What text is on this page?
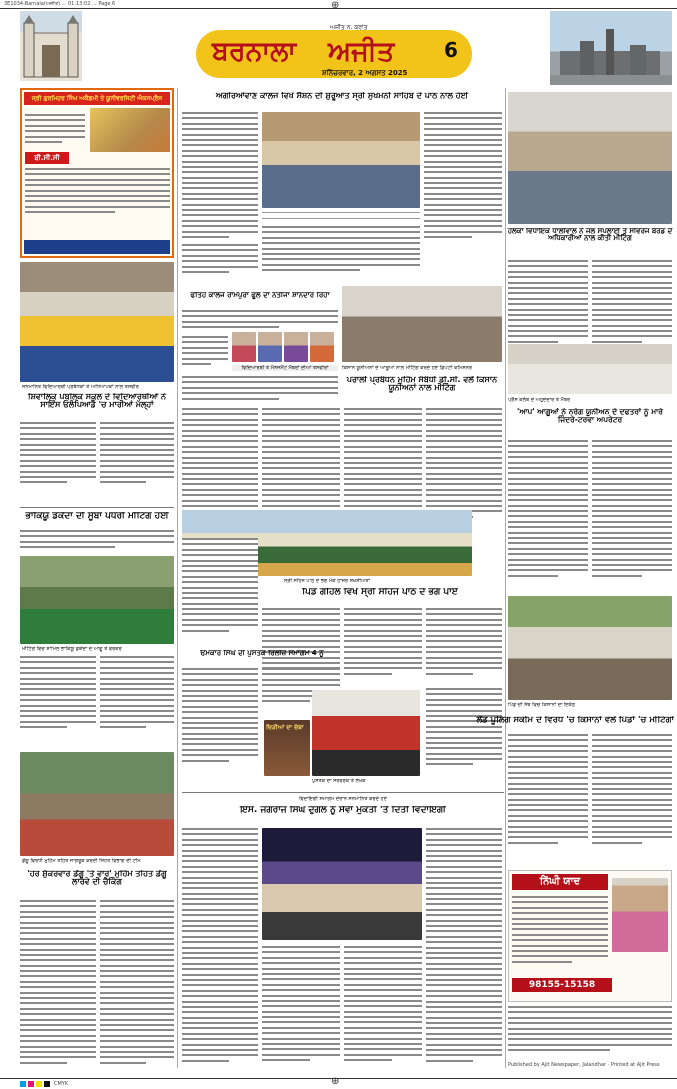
⊕
⊕
3E1034-Barnala(ਅਜੀਤ) ... 01:13:02 ... Page 6
ਬਰਨਾਲਾ	ਅਜੀਤ
ਅਜੀਤ ਨ. ਕਰਾਂਤ
ਸ਼ਨਿੱਚਰਵਾਰ, 2 ਅਗਸਤ 2025
6
ਸ੍ਰੀ ਗੁਰਮਿਹਰ ਸਿੰਘ ਅਕੈਡਮੀ ਤੇ ਯੂਨੀਵਰਸਿਟੀ ਐਕਸਪ੍ਰੈਸ
ਬੀ.ਸੀ.ਸੀ
ਸਨਮਾਨਿਤ ਵਿਦਿਆਰਥੀ ਪ੍ਰਬੰਧਕਾਂ ਤੇ ਅਧਿਆਪਕਾਂ ਨਾਲ ਤਸਵੀਰ
ਸ਼ਿਵਾਲਿਕ ਪਬਲਿਕ ਸਕੂਲ ਦੇ ਵਿਦਿਆਰਥੀਆਂ ਨੇ ਸਾਇੰਸ ਓਲੰਪਿਆਡ 'ਚ ਮਾਰੀਆਂ ਮੱਲ੍ਹਾਂ
ਭਾਕਿਯੂ ਡਕੌਂਦਾ ਦੀ ਸੂਬਾ ਪੱਧਰੀ ਮੀਟਿੰਗ ਹੋਈ
ਮੀਟਿੰਗ ਵਿਚ ਸ਼ਾਮਿਲ ਭਾਕਿਯੂ ਡਕੌਂਦਾ ਦੇ ਆਗੂ ਤੇ ਵਰਕਰ
ਡੇਂਗੂ ਵਿਰੋਧੀ ਮੁਹਿੰਮ ਤਹਿਤ ਜਾਗਰੂਕ ਕਰਦੀ ਸਿਹਤ ਵਿਭਾਗ ਦੀ ਟੀਮ
'ਹਰ ਸ਼ੁੱਕਰਵਾਰ ਡੇਂਗੂ 'ਤੇ ਵਾਰ' ਮੁਹਿੰਮ ਤਹਿਤ ਡੇਂਗੂ ਲਾਰਵੇ ਦੀ ਚੈਕਿੰਗ
ਅਗਰਿਆਂਵਾਣ ਕਾਲਜ ਵਿਖੇ ਸੈਸ਼ਨ ਦੀ ਸ਼ੁਰੂਆਤ ਸ੍ਰੀ ਸੁਖਮਨੀ ਸਾਹਿਬ ਦੇ ਪਾਠ ਨਾਲ ਹੋਈ
ਫਤਿਹ ਕਾਲਜ ਰਾਮਪੁਰਾ ਫੂਲ ਦਾ ਨਤੀਜਾ ਸ਼ਾਨਦਾਰ ਰਿਹਾ
ਵਿਦਿਆਰਥੀ ਤੇ ਮੈਨੇਜਮੈਂਟ ਮੈਂਬਰਾਂ ਦੀਆਂ ਤਸਵੀਰਾਂ	ਕਿਸਾਨ ਯੂਨੀਅਨਾਂ ਦੇ ਆਗੂਆਂ ਨਾਲ ਮੀਟਿੰਗ ਕਰਦੇ ਹੋਏ ਡਿਪਟੀ ਕਮਿਸ਼ਨਰ
ਪਰਾਲੀ ਪ੍ਰਬੰਧਨ ਮੁਹਿੰਮ ਸੰਬੰਧੀ ਡੀ.ਸੀ. ਵਲੋਂ ਕਿਸਾਨ ਯੂਨੀਅਨਾਂ ਨਾਲ ਮੀਟਿੰਗ
ਸ੍ਰੀ ਸਹਿਜ ਪਾਠ ਦੇ ਭੋਗ ਮੌਕੇ ਹਾਜ਼ਰ ਸ਼ਖ਼ਸੀਅਤਾਂ
ਪਿੰਡ ਗਹਿਲ ਵਿਖੇ ਸ੍ਰੀ ਸਹਿਜ ਪਾਠ ਦੇ ਭੋਗ ਪਾਏ
ਓਮਕਾਰ ਸਿੰਘ ਦੀ ਪੁਸਤਕ ਰਿਲੀਜ਼ ਸਮਾਗਮ 4 ਨੂੰ
ਚਿੜੀਆਂ ਦਾ ਚੰਬਾ
ਪੁਸਤਕ ਦਾ ਸਰਵਰਕ ਤੇ ਲੇਖਕ
ਵਿਦਾਇਗੀ ਸਮਾਗਮ ਦੌਰਾਨ ਸਨਮਾਨਿਤ ਕਰਦੇ ਹੋਏ
ਇੰਸ. ਜਗਰਾਜ ਸਿੰਘ ਦੁੱਗਲ ਨੂੰ ਸੇਵਾ ਮੁਕਤੀ 'ਤੇ ਦਿੱਤੀ ਵਿਦਾਇਗੀ
ਹਲਕਾ ਵਿਧਾਇਕ ਧਾਲੀਵਾਲ ਨੇ ਜਲ ਸਪਲਾਈ ਤੇ ਸੀਵਰੇਜ ਬੋਰਡ ਦੇ ਅਧਿਕਾਰੀਆਂ ਨਾਲ ਕੀਤੀ ਮੀਟਿੰਗ
ਪ੍ਰੈੱਸ ਕਲੱਬ ਦੇ ਅਹੁਦੇਦਾਰ ਤੇ ਮੈਂਬਰ
'ਆਪ' ਆਗੂਆਂ ਨੇ ਨਰੇਗ ਯੂਨੀਅਨ ਦੇ ਦਫਤਰਾਂ ਨੂੰ ਮਾਰੇ ਜਿੰਦਰੇ-ਟਰਵਾ ਅਪਰੇਟਰ
ਪਿੰਡ ਦੀ ਸੱਥ ਵਿਚ ਕਿਸਾਨਾਂ ਦਾ ਇਕੱਠ
ਲੈਂਡ ਪੂਲਿੰਗ ਸਕੀਮ ਦੇ ਵਿਰੋਧ 'ਚ ਕਿਸਾਨਾਂ ਵਲੋਂ ਪਿੰਡਾਂ 'ਚ ਮੀਟਿੰਗਾਂ
ਨਿੱਘੀ ਯਾਦ
98155-15158
Published by Ajit Newspaper, Jalandhar · Printed at Ajit Press
CMYK
